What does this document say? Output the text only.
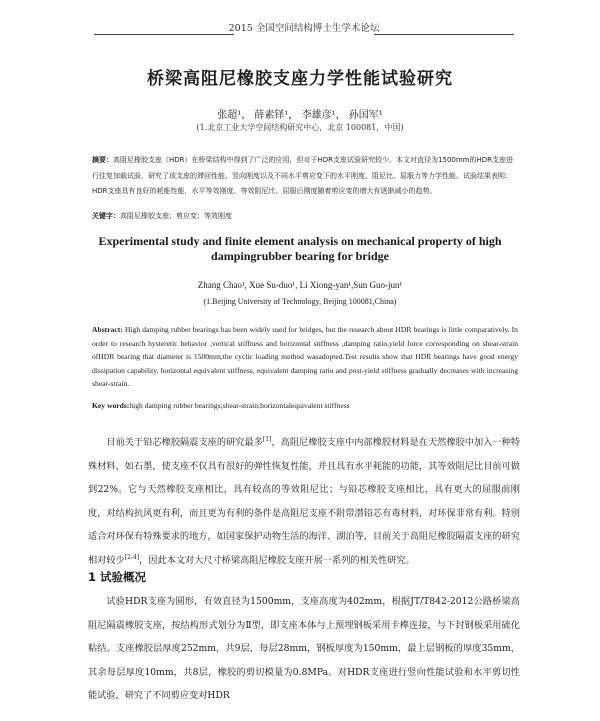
2015 全国空间结构博士生学术论坛
桥梁高阻尼橡胶支座力学性能试验研究
张超¹， 薛素铎¹， 李雄彦¹， 孙国军¹
(1.北京工业大学空间结构研究中心，北京 100081，中国)
摘要：高阻尼橡胶支座（HDR）在桥梁结构中得到了广泛的应用，但对于HDR支座试验研究较少。本文对直径为1500mm的HDR支座进行往复加载试验，研究了该支座的滞回性能、竖向刚度以及不同水平剪应变下的水平刚度、阻尼比、屈服力等力学性能。试验结果表明：HDR支座具有良好的耗能性能，水平等效刚度、等效阻尼比、屈服后刚度随着剪应变的增大有逐渐减小的趋势。
关键字：高阻尼橡胶支座；剪应变；等效刚度
Experimental study and finite element analysis on mechanical property of high dampingrubber bearing for bridge
Zhang Chao¹, Xue Su-duo¹, Li Xiong-yan¹,Sun Guo-jun¹
(1.Beijing University of Technology, Beijing 100081,China)
Abstract: High damping rubber bearings has been widely used for bridges, but the research about HDR bearings is little comparatively. In order to research hysteretic behavior ,vertical stiffness and horizontal stiffness ,damping ratio,yield force corresponding on shear-strain ofHDR bearing that diameter is 1500mm,the cyclic loading method wasadopted.Test results show that HDR bearings have good energy dissipation capability, horizontal equivalent stiffness, equivalent damping ratio and post-yield stiffness gradually decreases with increasing shear-strain.
Key words:high damping rubber bearings;shear-strain;horizontalequivalent stiffness

目前关于铅芯橡胶隔震支座的研究最多[1]，高阻尼橡胶支座中内部橡胶材料是在天然橡胶中加入一种特殊材料，如石墨，使支座不仅具有很好的弹性恢复性能，并且具有水平耗能的功能，其等效阻尼比目前可做到22%。它与天然橡胶支座相比，具有较高的等效阻尼比；与铅芯橡胶支座相比，具有更大的屈服前刚度，对结构抗风更有利，而且更为有利的条件是高阻尼支座不附带潜铅芯有毒材料，对环保非常有利。特别适合对环保有特殊要求的地方，如国家保护动物生活的海洋、湖泊等，目前关于高阻尼橡胶隔震支座的研究相对较少[2-4]，因此本文对大尺寸桥梁高阻尼橡胶支座开展一系列的相关性研究。

1 试验概况

试验HDR支座为圆形，有效直径为1500mm，支座高度为402mm，根据JT/T842-2012公路桥梁高阻尼隔震橡胶支座，按结构形式划分为Ⅱ型，即支座本体与上预埋钢板采用卡榫连接，与下封钢板采用硫化粘结。支座橡胶层厚度252mm，共9层，每层28mm，钢板厚度为150mm，最上层钢板的厚度35mm，其余每层厚度10mm，共8层，橡胶的剪切模量为0.8MPa。对HDR支座进行竖向性能试验和水平剪切性能试验，研究了不同剪应变对HDR
